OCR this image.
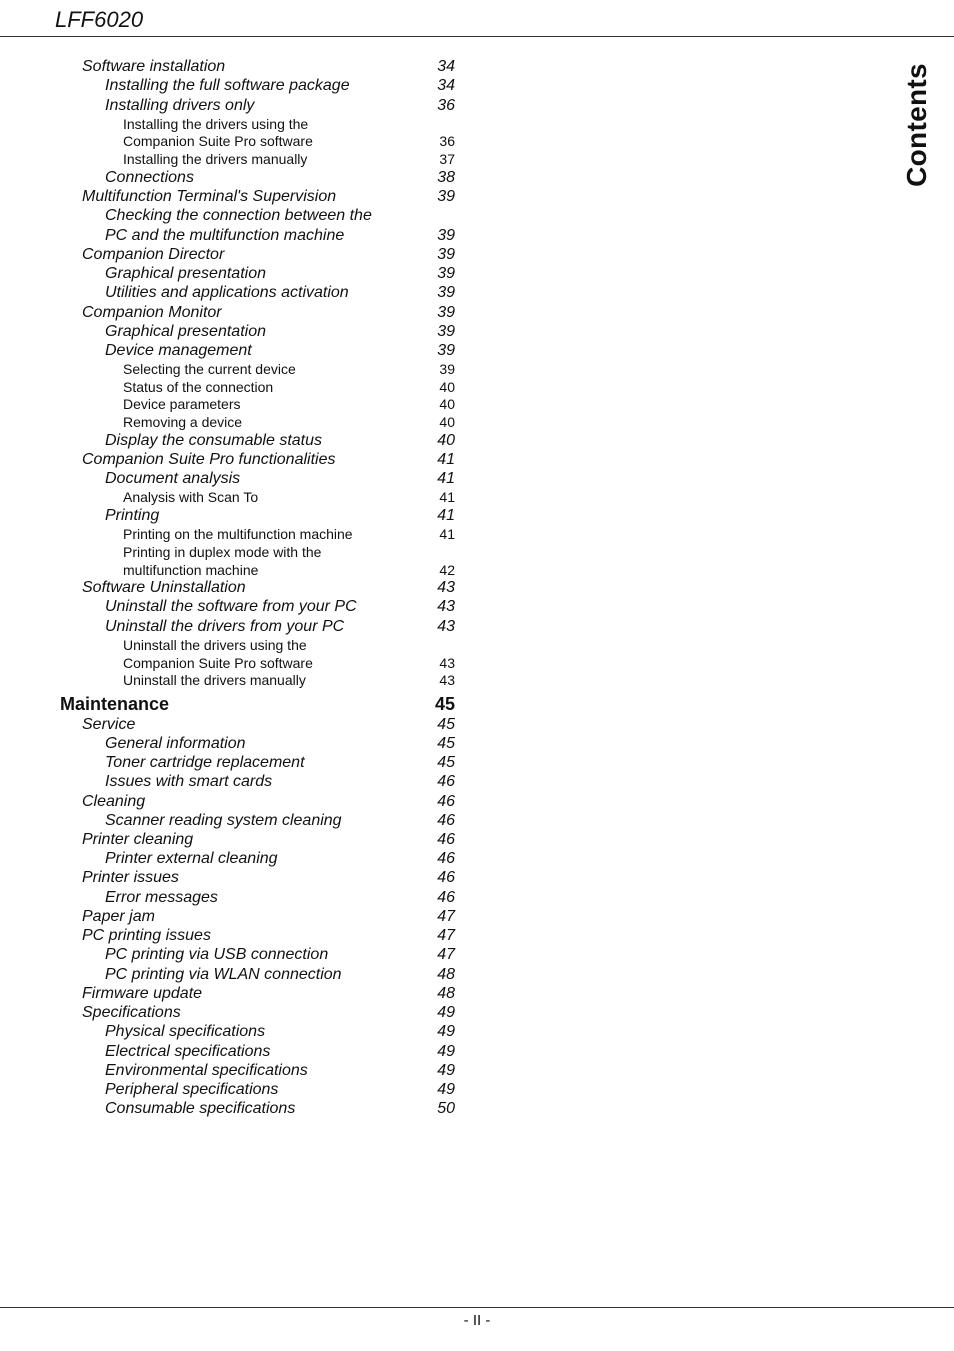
LFF6020
Contents
Software installation	34
Installing the full software package	34
Installing drivers only	36
Installing the drivers using the
Companion Suite Pro software	36
Installing the drivers manually	37
Connections	38
Multifunction Terminal's Supervision	39
Checking the connection between the
PC and the multifunction machine	39
Companion Director	39
Graphical presentation	39
Utilities and applications activation	39
Companion Monitor	39
Graphical presentation	39
Device management	39
Selecting the current device	39
Status of the connection	40
Device parameters	40
Removing a device	40
Display the consumable status	40
Companion Suite Pro functionalities	41
Document analysis	41
Analysis with Scan To	41
Printing	41
Printing on the multifunction machine	41
Printing in duplex mode with the
multifunction machine	42
Software Uninstallation	43
Uninstall the software from your PC	43
Uninstall the drivers from your PC	43
Uninstall the drivers using the
Companion Suite Pro software	43
Uninstall the drivers manually	43
Maintenance	45
Service	45
General information	45
Toner cartridge replacement	45
Issues with smart cards	46
Cleaning	46
Scanner reading system cleaning	46
Printer cleaning	46
Printer external cleaning	46
Printer issues	46
Error messages	46
Paper jam	47
PC printing issues	47
PC printing via USB connection	47
PC printing via WLAN connection	48
Firmware update	48
Specifications	49
Physical specifications	49
Electrical specifications	49
Environmental specifications	49
Peripheral specifications	49
Consumable specifications	50
- II -
